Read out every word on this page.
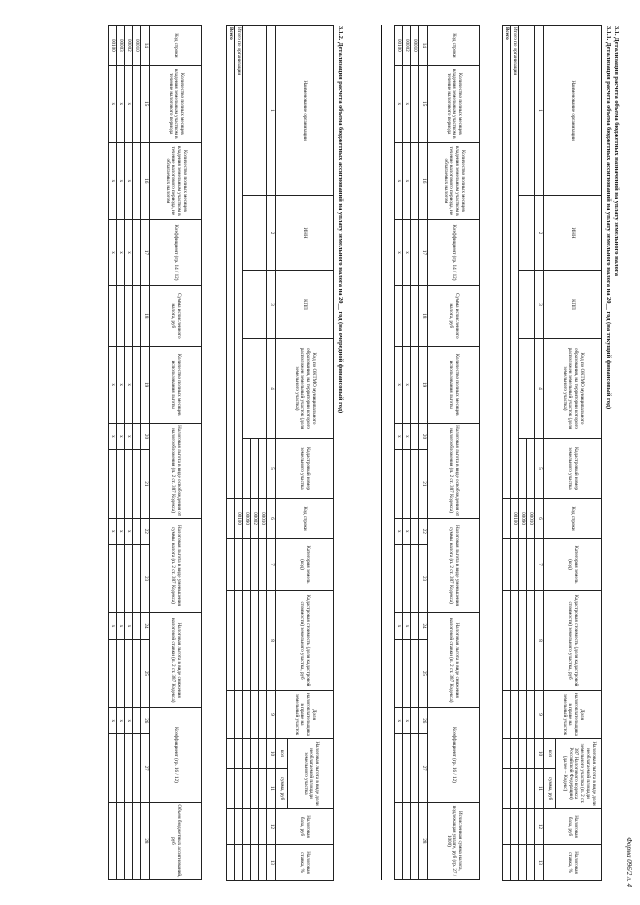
Форма 096/2 л. 4
3.1. Детализация расчета объема бюджетных назначений на уплату земельного налога
3.1.1. Детализация расчета объема бюджетных ассигнований на уплату земельного налога на 20__ год (на текущий финансовый год)
Наименование организации	ИНН	КПП	Код по ОКТМО муниципального образования, на территории которого расположен земельный участок (доля земельного участка)	Кадастровый номер земельного участка	Код строки	Категория земель (код)	Кадастровая стоимость (доля кадастровой стоимости) земельного участка, руб	Доля налогоплательщика в праве на земельный участок	Налоговая льгота в виде доли необлагаемой площади земельного участка (п. 2 ст. 387 Налогового кодекса Российской Федерации) (далее – Кодекс)		Налоговая база, руб	Налоговая ставка, %
									кол	сумма, руб		
1	2	3	4	5	6	7	8	9	10	11	12	13
					00010							
					00090							
Итого по организации					00100							
Всего												
Код строки	Количество полных месяцев владения земельным участком в течение налогового периода	Количество полных месяцев владения земельным участком в течение налогового периода, не облагаемых налогом	Коэффициент (гр. 14 / 12)	Сумма исчисленного налога, руб	Количество полных месяцев использования льготы	Налоговая льгота в виде освобождения от налогообложения (п. 2 ст. 387 Кодекса)		Налоговая льгота в виде уменьшения суммы налога (п. 2 ст. 387 Кодекса)		Налоговая льгота в виде снижения налоговой ставки (п. 2 ст. 387 Кодекса)		Коэффициент (гр. 16 / 12)		Исчисленная сумма налога, подлежащая уплате, руб (гр. 27 / 1000)
14	15	16	17	18	19	20	21	22	23	24	25	26	27	28
00010														
00002	x	x	x		x	x		x		x		x		
00100	x	x	x		x	x		x		x		x		
3.1.2. Детализация расчета объема бюджетных ассигнований на уплату земельного налога на 20__ год (на очередной финансовый год)
Наименование организации	ИНН	КПП	Код по ОКТМО муниципального образования, на территории которого расположен земельный участок (доля земельного участка)	Кадастровый номер земельного участка	Код строки	Категория земель (код)	Кадастровая стоимость (доля кадастровой стоимости) земельного участка, руб	Доля налогоплательщика в праве на земельный участок	Налоговая льгота в виде доли необлагаемой площади земельного участка		Налоговая база, руб	Налоговая ставка, %
									кол	сумма, руб		
1	2	3	4	5	6	7	8	9	10	11	12	13
					00010							
					00002							
					00090							
Итого по организации					00100							
Всего												
Код строки	Количество полных месяцев владения земельным участком в течение налогового периода	Количество полных месяцев владения земельным участком в течение налогового периода, не облагаемых налогом	Коэффициент (гр. 14 / 12)	Сумма исчисленного налога, руб	Количество полных месяцев использования льготы	Налоговая льгота в виде освобождения от налогообложения (п. 2 ст. 387 Кодекса)		Налоговая льгота в виде уменьшения суммы налога (п. 2 ст. 387 Кодекса)		Налоговая льгота в виде снижения налоговой ставки (п. 2 ст. 387 Кодекса)		Коэффициент (гр. 16 / 12)		Объем бюджетных ассигнований, руб
14	15	16	17	18	19	20	21	22	23	24	25	26	27	28
00010														
00002	x	x	x		x	x		x		x		x		
00003	x	x	x		x	x		x		x		x		
00100	x	x	x		x	x		x		x		x		
